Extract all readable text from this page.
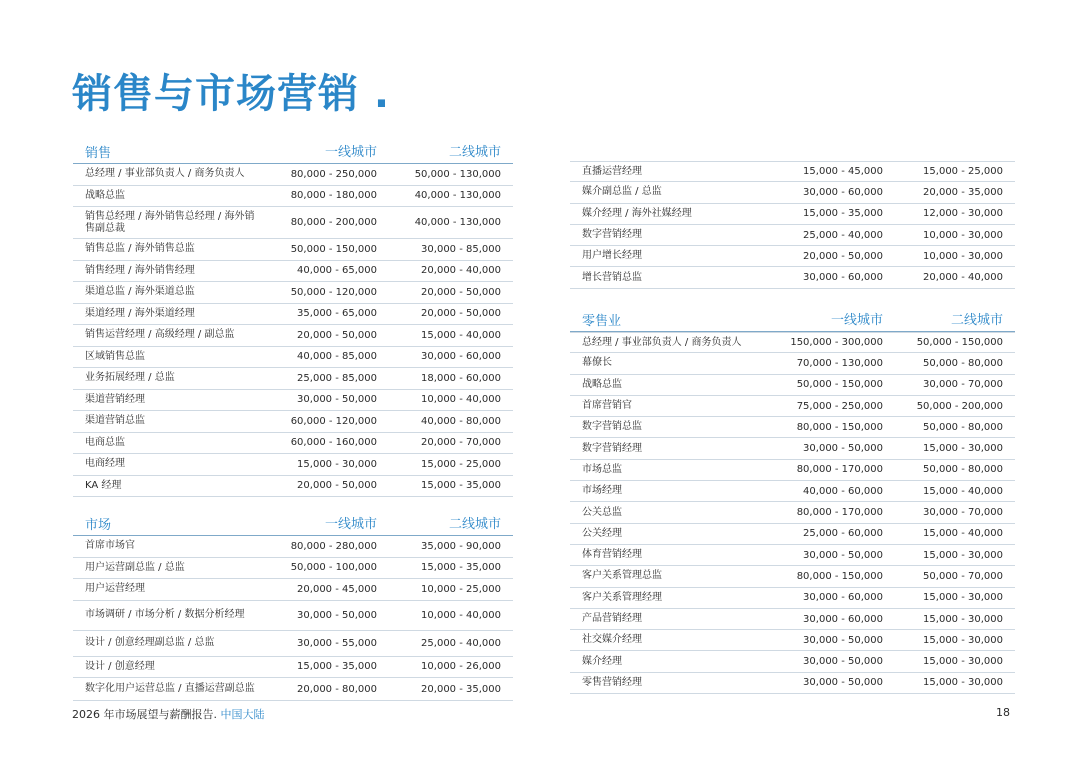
销售与市场营销 .
销售	一线城市	二线城市
总经理 / 事业部负责人 / 商务负责人	80,000 - 250,000	50,000 - 130,000
战略总监	80,000 - 180,000	40,000 - 130,000
销售总经理 / 海外销售总经理 / 海外销售副总裁	80,000 - 200,000	40,000 - 130,000
销售总监 / 海外销售总监	50,000 - 150,000	30,000 - 85,000
销售经理 / 海外销售经理	40,000 - 65,000	20,000 - 40,000
渠道总监 / 海外渠道总监	50,000 - 120,000	20,000 - 50,000
渠道经理 / 海外渠道经理	35,000 - 65,000	20,000 - 50,000
销售运营经理 / 高级经理 / 副总监	20,000 - 50,000	15,000 - 40,000
区域销售总监	40,000 - 85,000	30,000 - 60,000
业务拓展经理 / 总监	25,000 - 85,000	18,000 - 60,000
渠道营销经理	30,000 - 50,000	10,000 - 40,000
渠道营销总监	60,000 - 120,000	40,000 - 80,000
电商总监	60,000 - 160,000	20,000 - 70,000
电商经理	15,000 - 30,000	15,000 - 25,000
KA 经理	20,000 - 50,000	15,000 - 35,000
市场	一线城市	二线城市
首席市场官	80,000 - 280,000	35,000 - 90,000
用户运营副总监 / 总监	50,000 - 100,000	15,000 - 35,000
用户运营经理	20,000 - 45,000	10,000 - 25,000
市场调研 / 市场分析 / 数据分析经理	30,000 - 50,000	10,000 - 40,000
设计 / 创意经理副总监 / 总监	30,000 - 55,000	25,000 - 40,000
设计 / 创意经理	15,000 - 35,000	10,000 - 26,000
数字化用户运营总监 / 直播运营副总监	20,000 - 80,000	20,000 - 35,000
直播运营经理	15,000 - 45,000	15,000 - 25,000
媒介副总监 / 总监	30,000 - 60,000	20,000 - 35,000
媒介经理 / 海外社媒经理	15,000 - 35,000	12,000 - 30,000
数字营销经理	25,000 - 40,000	10,000 - 30,000
用户增长经理	20,000 - 50,000	10,000 - 30,000
增长营销总监	30,000 - 60,000	20,000 - 40,000
零售业	一线城市	二线城市
总经理 / 事业部负责人 / 商务负责人	150,000 - 300,000	50,000 - 150,000
幕僚长	70,000 - 130,000	50,000 - 80,000
战略总监	50,000 - 150,000	30,000 - 70,000
首席营销官	75,000 - 250,000	50,000 - 200,000
数字营销总监	80,000 - 150,000	50,000 - 80,000
数字营销经理	30,000 - 50,000	15,000 - 30,000
市场总监	80,000 - 170,000	50,000 - 80,000
市场经理	40,000 - 60,000	15,000 - 40,000
公关总监	80,000 - 170,000	30,000 - 70,000
公关经理	25,000 - 60,000	15,000 - 40,000
体育营销经理	30,000 - 50,000	15,000 - 30,000
客户关系管理总监	80,000 - 150,000	50,000 - 70,000
客户关系管理经理	30,000 - 60,000	15,000 - 30,000
产品营销经理	30,000 - 60,000	15,000 - 30,000
社交媒介经理	30,000 - 50,000	15,000 - 30,000
媒介经理	30,000 - 50,000	15,000 - 30,000
零售营销经理	30,000 - 50,000	15,000 - 30,000
2026 年市场展望与薪酬报告. 中国大陆	18
